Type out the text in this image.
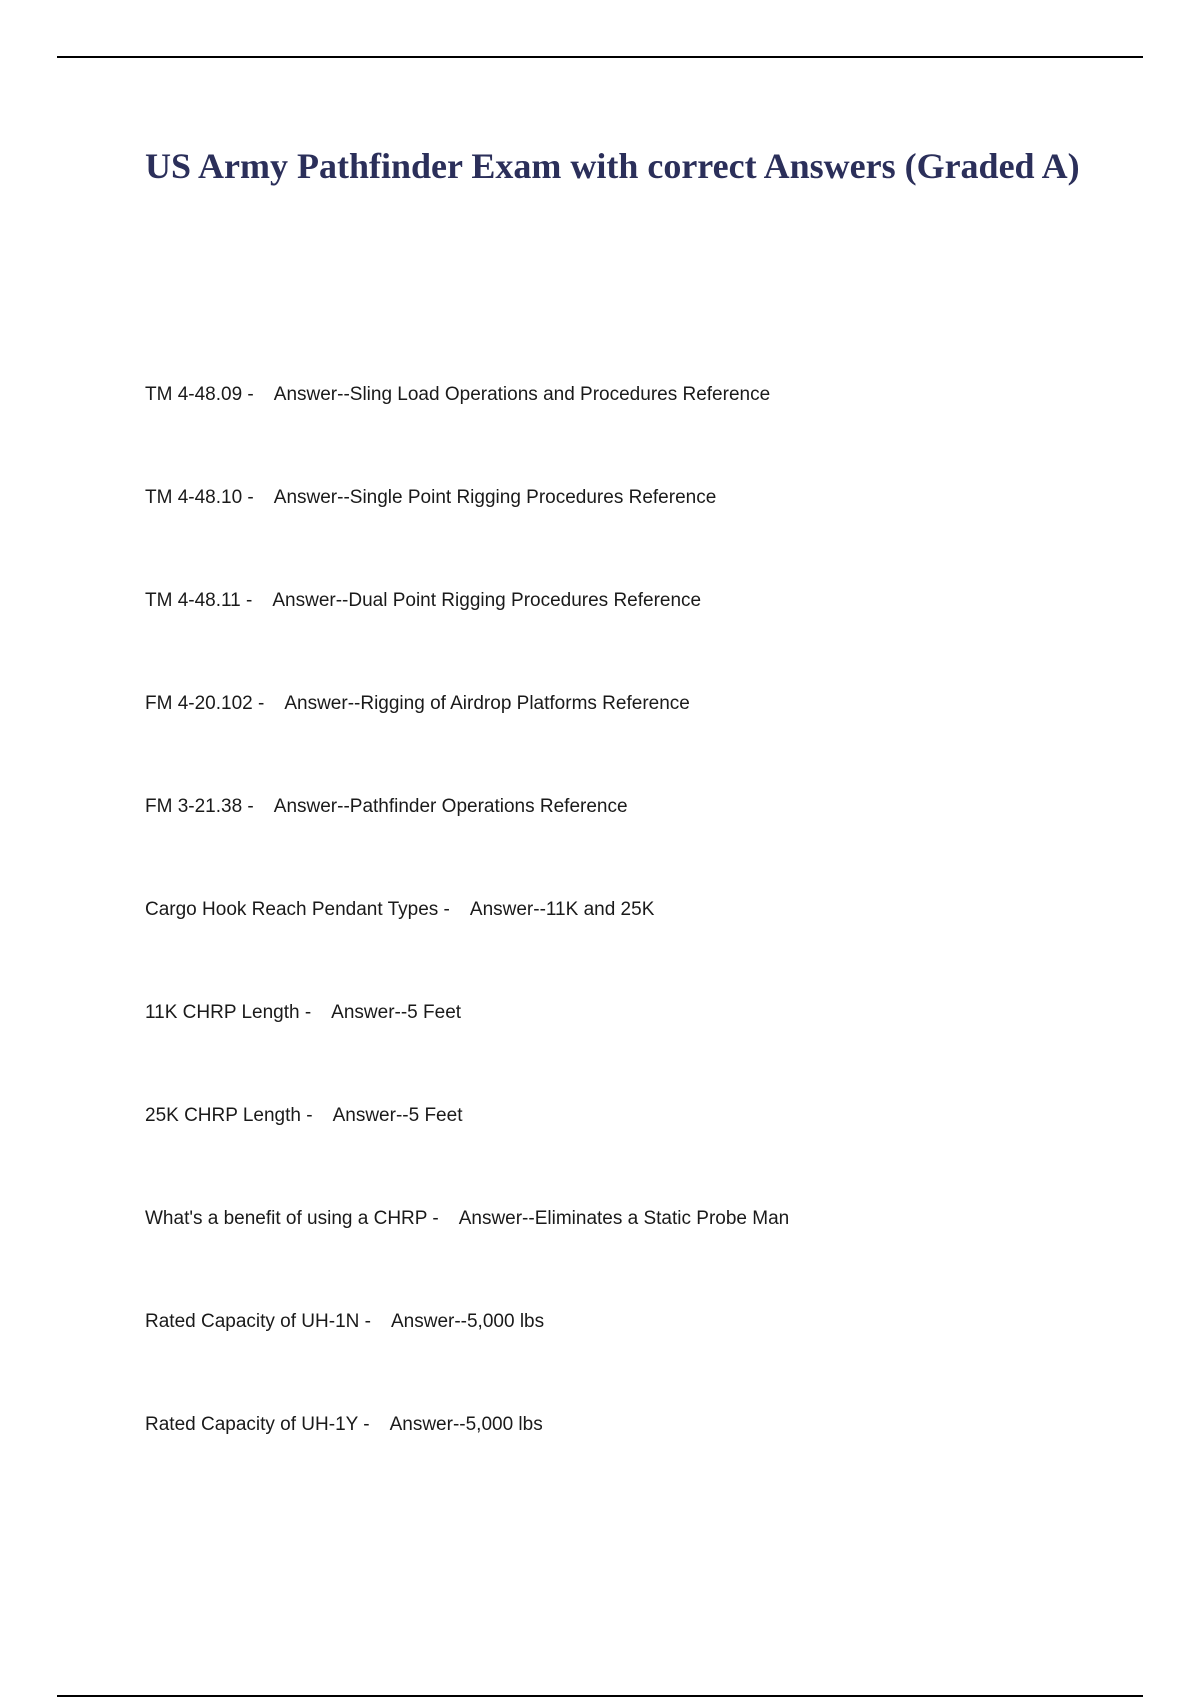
US Army Pathfinder Exam with correct Answers (Graded A)
TM 4-48.09 - Answer--Sling Load Operations and Procedures Reference
TM 4-48.10 - Answer--Single Point Rigging Procedures Reference
TM 4-48.11 - Answer--Dual Point Rigging Procedures Reference
FM 4-20.102 - Answer--Rigging of Airdrop Platforms Reference
FM 3-21.38 - Answer--Pathfinder Operations Reference
Cargo Hook Reach Pendant Types - Answer--11K and 25K
11K CHRP Length - Answer--5 Feet
25K CHRP Length - Answer--5 Feet
What's a benefit of using a CHRP - Answer--Eliminates a Static Probe Man
Rated Capacity of UH-1N - Answer--5,000 lbs
Rated Capacity of UH-1Y - Answer--5,000 lbs
